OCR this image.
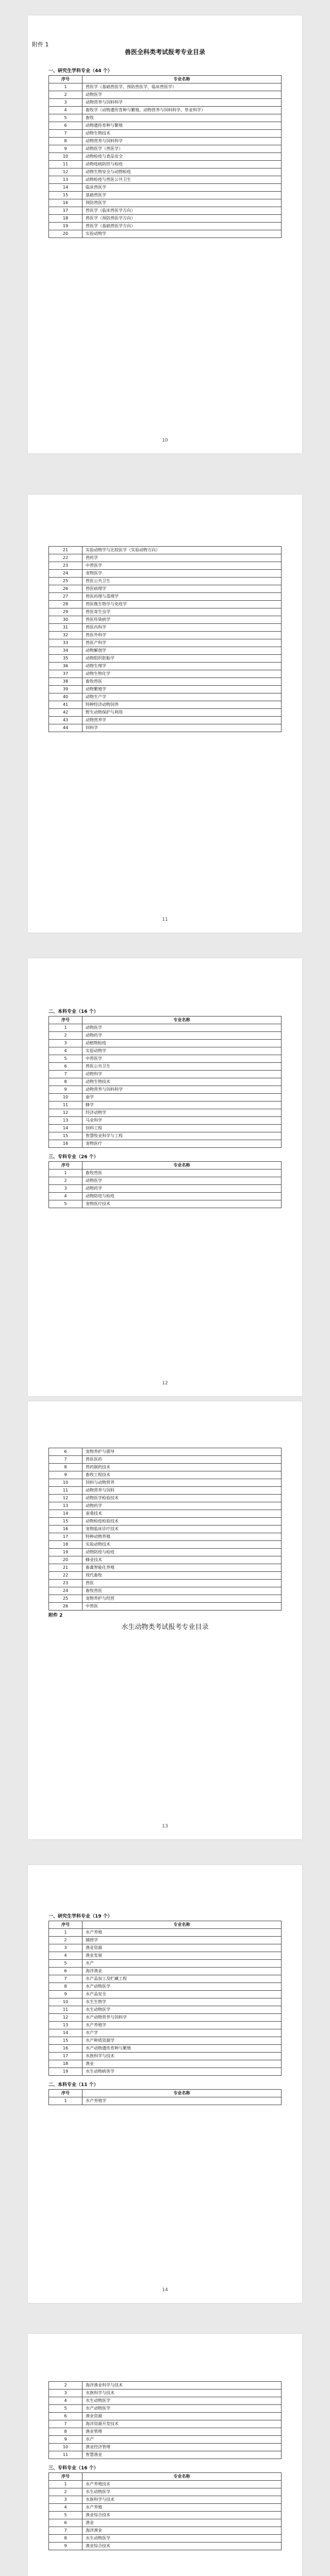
附件 1
兽医全科类考试报考专业目录
一、研究生学科专业（44 个）
序号	专业名称
1	兽医学（基础兽医学、预防兽医学、临床兽医学）
2	动物医学
3	动物营养与饲料科学
4	畜牧学（动物遗传育种与繁殖、动物营养与饲料科学、草业科学）
5	畜牧
6	动物遗传育种与繁殖
7	动物生物技术
8	动物营养与饲料科学
9	动物医学（兽医学）
10	动物检疫与食品安全
11	动物疫病防控与检疫
12	动物生物安全与动物检疫
13	动物检疫与兽医公共卫生
14	临床兽医学
15	基础兽医学
16	预防兽医学
17	兽医学（临床兽医学方向）
18	兽医学（预防兽医学方向）
19	兽医学（基础兽医学方向）
20	实验动物学
10
21	实验动物学与比较医学（实验动物方向）
22	兽药学
23	中兽医学
24	宠物医学
25	兽医公共卫生
26	兽医病理学
27	兽医药理与毒理学
28	兽医微生物学与免疫学
29	兽医寄生虫学
30	兽医传染病学
31	兽医内科学
32	兽医外科学
33	兽医产科学
34	动物解剖学
35	动物组织胚胎学
36	动物生理学
37	动物生物化学
38	畜牧兽医
39	动物繁殖学
40	动物生产学
41	特种经济动物饲养
42	野生动物保护与利用
43	动物营养学
44	饲料学
11
二、本科专业（16 个）
序号	专业名称
1	动物医学
2	动物药学
3	动植物检疫
4	实验动物学
5	中兽医学
6	兽医公共卫生
7	动物科学
8	动物生物技术
9	动物营养与饲料科学
10	蚕学
11	蜂学
12	经济动物学
13	马业科学
14	饲料工程
15	智慧牧业科学与工程
16	宠物医疗
三、专科专业（26 个）
序号	专业名称
1	畜牧兽医
2	动物医学
3	动物药学
4	动物防疫与检疫
5	宠物医疗技术
12
6	宠物养护与驯导
7	兽医医药
8	兽药制药技术
9	畜牧工程技术
10	饲料与动物营养
11	动物营养与饲料
12	动物医学检验技术
13	动物药学
14	蚕桑技术
15	动物检疫检验技术
16	宠物临床诊疗技术
17	特种动物养殖
18	实验动物技术
19	动物防疫与检疫
20	蜂业技术
21	畜禽智能化养殖
22	现代畜牧
23	兽医
24	畜牧兽医
25	宠物养护与经营
26	中兽医
附件 2
水生动物类考试报考专业目录
13
一、研究生学科专业（19 个）
序号	专业名称
1	水产养殖
2	捕捞学
3	渔业资源
4	渔业发展
5	水产
6	海洋渔业
7	水产品加工及贮藏工程
8	水产动物医学
9	水产品安全
10	水生生物学
11	水生动物医学
12	水产动物营养与饲料学
13	水产养殖学
14	水产学
15	水产种质资源学
16	水产动物遗传育种与繁殖
17	水族科学与技术
18	渔业
19	水生动物病害学
二、本科专业（11 个）
序号	专业名称
1	水产养殖学
14
2	海洋渔业科学与技术
3	水族科学与技术
4	水生动物医学
5	水产动物医学
6	渔业资源
7	海洋资源开发技术
8	渔业管理
9	水产
10	渔业经济管理
11	智慧渔业
三、专科专业（16 个）
序号	专业名称
1	水产养殖技术
2	水生动物医学
3	水族科学与技术
4	水产养殖
5	渔业综合技术
6	渔业
7	海洋渔业
8	水生动物医学
9	渔业综合技术
